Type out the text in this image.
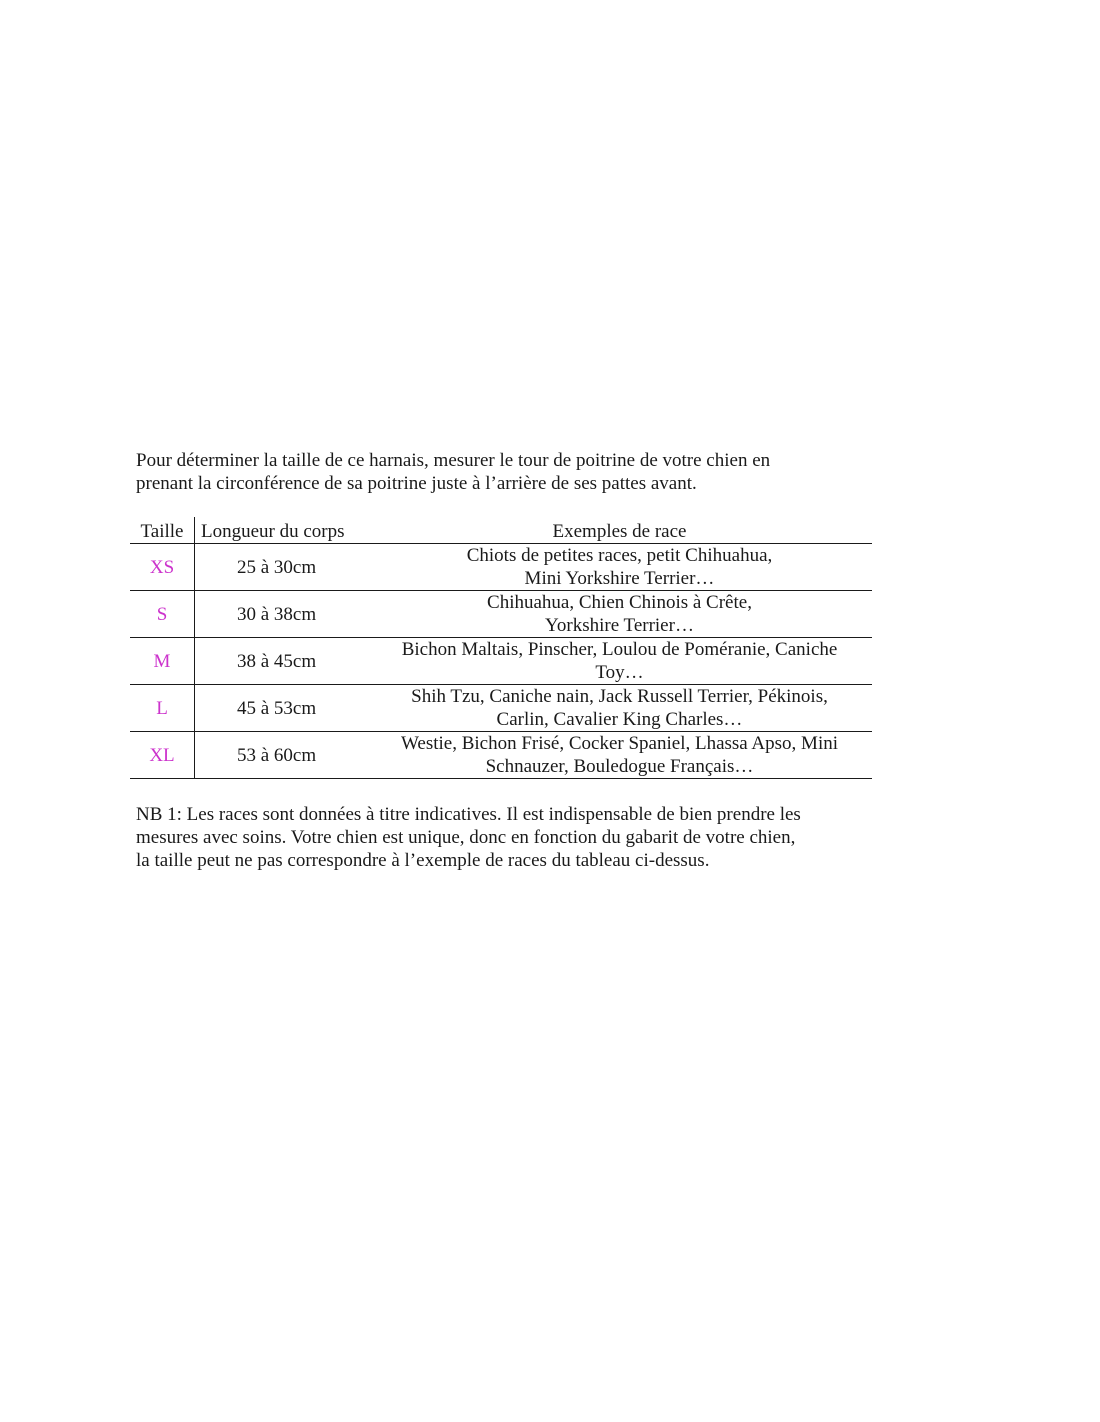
Pour déterminer la taille de ce harnais, mesurer le tour de poitrine de votre chien en
prenant la circonférence de sa poitrine juste à l’arrière de ses pattes avant.

Taille	Longueur du corps	Exemples de race
XS	25 à 30cm	Chiots de petites races, petit Chihuahua,
Mini Yorkshire Terrier…

S	30 à 38cm	Chihuahua, Chien Chinois à Crête,
Yorkshire Terrier…

M	38 à 45cm	Bichon Maltais, Pinscher, Loulou de Poméranie, Caniche
Toy…

L	45 à 53cm	Shih Tzu, Caniche nain, Jack Russell Terrier, Pékinois,
Carlin, Cavalier King Charles…

XL	53 à 60cm	Westie, Bichon Frisé, Cocker Spaniel, Lhassa Apso, Mini
Schnauzer, Bouledogue Français…

NB 1: Les races sont données à titre indicatives. Il est indispensable de bien prendre les
mesures avec soins. Votre chien est unique, donc en fonction du gabarit de votre chien,
la taille peut ne pas correspondre à l’exemple de races du tableau ci-dessus.
